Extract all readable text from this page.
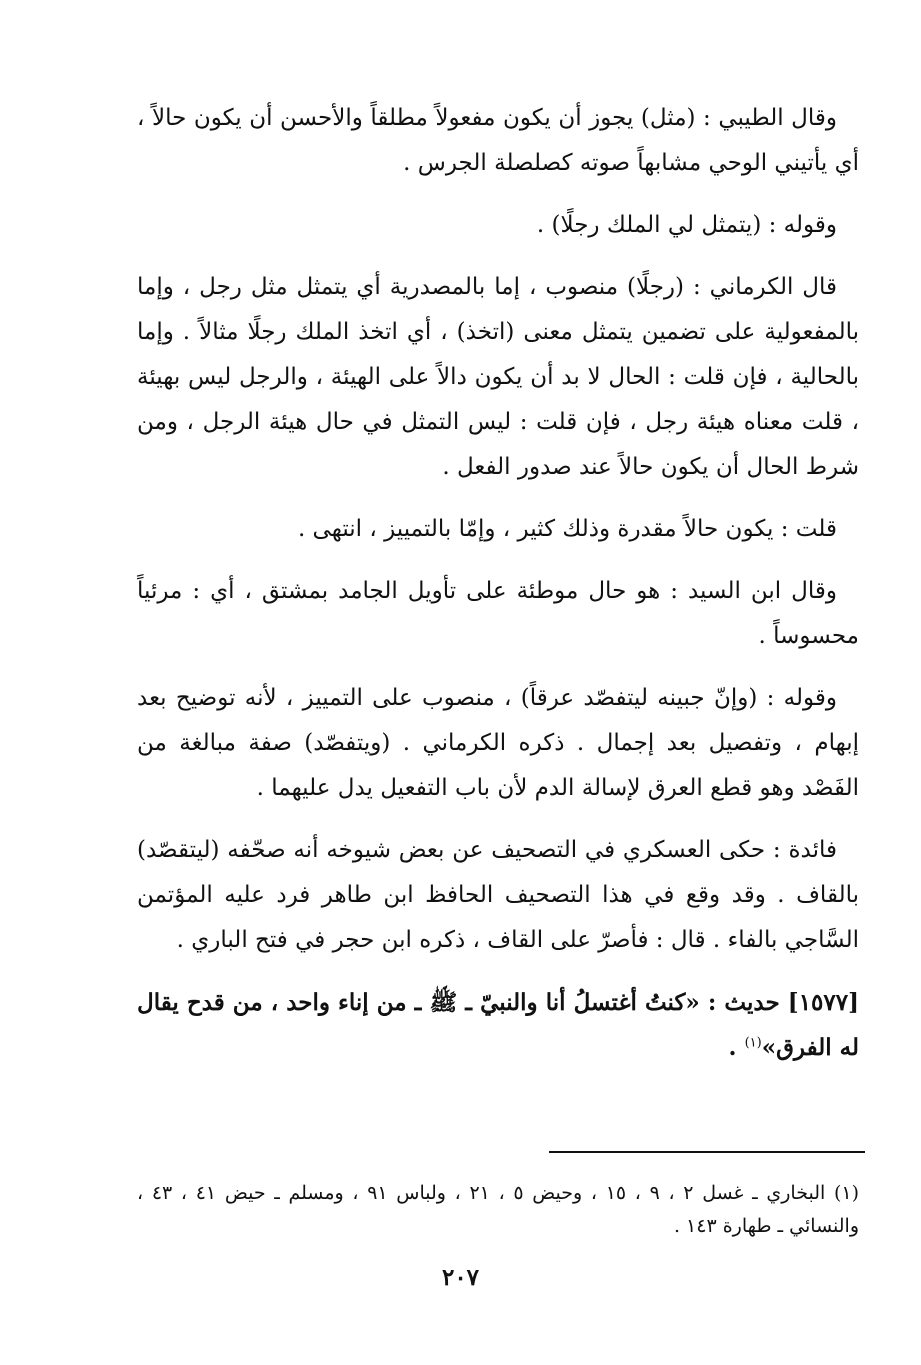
وقال الطيبي : (مثل) يجوز أن يكون مفعولاً مطلقاً والأحسن أن يكون حالاً ، أي يأتيني الوحي مشابهاً صوته كصلصلة الجرس .

وقوله : (يتمثل لي الملك رجلًا) .

قال الكرماني : (رجلًا) منصوب ، إما بالمصدرية أي يتمثل مثل رجل ، وإما بالمفعولية على تضمين يتمثل معنى (اتخذ) ، أي اتخذ الملك رجلًا مثالاً . وإما بالحالية ، فإن قلت : الحال لا بد أن يكون دالاً على الهيئة ، والرجل ليس بهيئة ، قلت معناه هيئة رجل ، فإن قلت : ليس التمثل في حال هيئة الرجل ، ومن شرط الحال أن يكون حالاً عند صدور الفعل .

قلت : يكون حالاً مقدرة وذلك كثير ، وإمّا بالتمييز ، انتهى .

وقال ابن السيد : هو حال موطئة على تأويل الجامد بمشتق ، أي : مرئياً محسوساً .

وقوله : (وإنّ جبينه ليتفصّد عرقاً) ، منصوب على التمييز ، لأنه توضيح بعد إبهام ، وتفصيل بعد إجمال . ذكره الكرماني . (ويتفصّد) صفة مبالغة من الفَصْد وهو قطع العرق لإسالة الدم لأن باب التفعيل يدل عليهما .

فائدة : حكى العسكري في التصحيف عن بعض شيوخه أنه صحّفه (ليتقصّد) بالقاف . وقد وقع في هذا التصحيف الحافظ ابن طاهر فرد عليه المؤتمن السَّاجي بالفاء . قال : فأصرّ على القاف ، ذكره ابن حجر في فتح الباري .

[١٥٧٧] حديث : «كنتُ أغتسلُ أنا والنبيّ ـ ﷺ ـ من إناء واحد ، من قدح يقال له الفرق»$^{(١)}$ .

(١) البخاري ـ غسل ٢ ، ٩ ، ١٥ ، وحيض ٥ ، ٢١ ، ولباس ٩١ ، ومسلم ـ حيض ٤١ ، ٤٣ ، والنسائي ـ طهارة ١٤٣ .
٢٠٧
